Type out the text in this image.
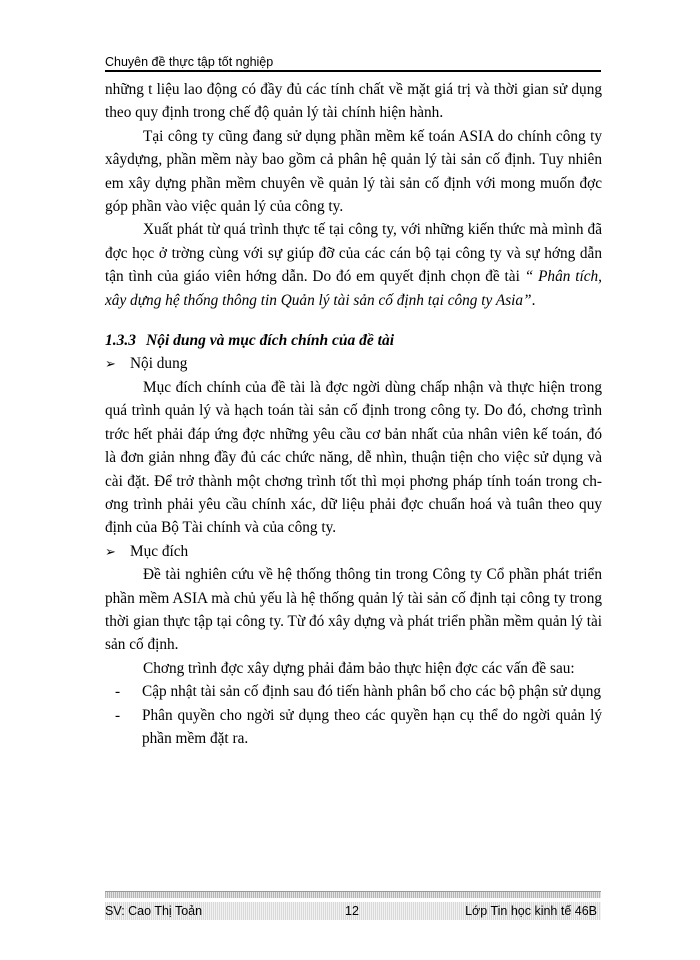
Chuyên đề thực tập tốt nghiệp

những t liệu lao động có đầy đủ các tính chất về mặt giá trị và thời gian sử dụng theo quy định trong chế độ quản lý tài chính hiện hành.

Tại công ty cũng đang sử dụng phần mềm kế toán ASIA do chính công ty xâydựng, phần mềm này bao gồm cả phân hệ quản lý tài sản cố định. Tuy nhiên em xây dựng phần mềm chuyên về quản lý tài sản cố định với mong muốn đợc góp phần vào việc quản lý của công ty.

Xuất phát từ quá trình thực tế tại công ty, với những kiến thức mà mình đã đợc học ở trờng cùng với sự giúp đỡ của các cán bộ tại công ty và sự hớng dẫn tận tình của giáo viên hớng dẫn. Do đó em quyết định chọn đề tài “ Phân tích, xây dựng hệ thống thông tin Quản lý tài sản cố định tại công ty Asia”.

1.3.3 Nội dung và mục đích chính của đề tài

➢ Nội dung

Mục đích chính của đề tài là đợc ngời dùng chấp nhận và thực hiện trong quá trình quản lý và hạch toán tài sản cố định trong công ty. Do đó, chơng trình trớc hết phải đáp ứng đợc những yêu cầu cơ bản nhất của nhân viên kế toán, đó là đơn giản nhng đầy đủ các chức năng, dễ nhìn, thuận tiện cho việc sử dụng và cài đặt. Để trở thành một chơng trình tốt thì mọi phơng pháp tính toán trong chơng trình phải yêu cầu chính xác, dữ liệu phải đợc chuẩn hoá và tuân theo quy định của Bộ Tài chính và của công ty.

➢ Mục đích

Đề tài nghiên cứu về hệ thống thông tin trong Công ty Cổ phần phát triển phần mềm ASIA mà chủ yếu là hệ thống quản lý tài sản cố định tại công ty trong thời gian thực tập tại công ty. Từ đó xây dựng và phát triển phần mềm quản lý tài sản cố định.

Chơng trình đợc xây dựng phải đảm bảo thực hiện đợc các vấn đề sau:

-	Cập nhật tài sản cố định sau đó tiến hành phân bổ cho các bộ phận sử dụng
-	Phân quyền cho ngời sử dụng theo các quyền hạn cụ thể do ngời quản lý phần mềm đặt ra.
SV: Cao Thị Toản	12	Lớp Tin học kinh tế 46B
